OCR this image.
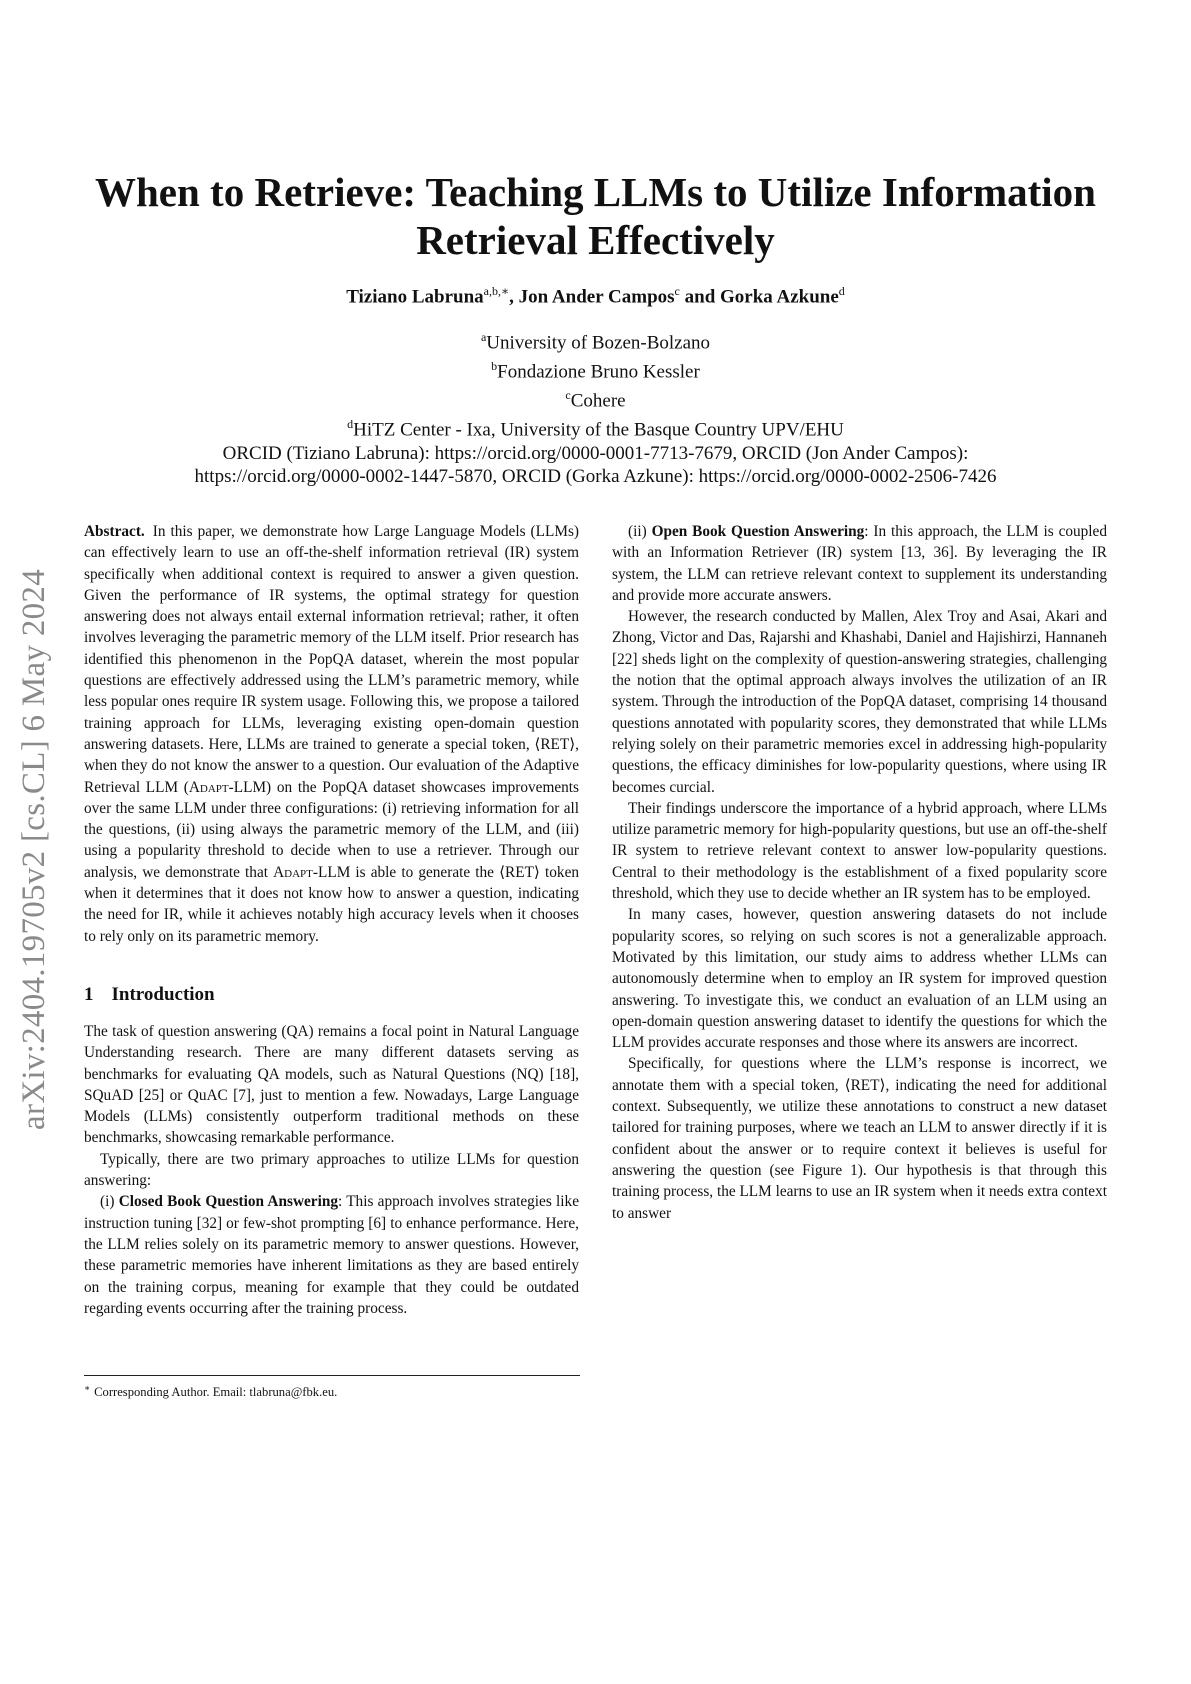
arXiv:2404.19705v2 [cs.CL] 6 May 2024
When to Retrieve: Teaching LLMs to Utilize Information
Retrieval Effectively
Tiziano Labruna$^{a,b,∗}$, Jon Ander Campos$^c$ and Gorka Azkune$^d$
$^a$University of Bozen-Bolzano
$^b$Fondazione Bruno Kessler
$^c$Cohere
$^d$HiTZ Center - Ixa, University of the Basque Country UPV/EHU
ORCID (Tiziano Labruna): https://orcid.org/0000-0001-7713-7679, ORCID (Jon Ander Campos):
https://orcid.org/0000-0002-1447-5870, ORCID (Gorka Azkune): https://orcid.org/0000-0002-2506-7426

Abstract. In this paper, we demonstrate how Large Language Models (LLMs) can effectively learn to use an off-the-shelf information retrieval (IR) system specifically when additional context is required to answer a given question. Given the performance of IR systems, the optimal strategy for question answering does not always entail external information retrieval; rather, it often involves leveraging the parametric memory of the LLM itself. Prior research has identified this phenomenon in the PopQA dataset, wherein the most popular questions are effectively addressed using the LLM’s parametric memory, while less popular ones require IR system usage. Following this, we propose a tailored training approach for LLMs, leveraging existing open-domain question answering datasets. Here, LLMs are trained to generate a special token, ⟨RET⟩, when they do not know the answer to a question. Our evaluation of the Adaptive Retrieval LLM (Adapt-LLM) on the PopQA dataset showcases improvements over the same LLM under three configurations: (i) retrieving information for all the questions, (ii) using always the parametric memory of the LLM, and (iii) using a popularity threshold to decide when to use a retriever. Through our analysis, we demonstrate that Adapt-LLM is able to generate the ⟨RET⟩ token when it determines that it does not know how to answer a question, indicating the need for IR, while it achieves notably high accuracy levels when it chooses to rely only on its parametric memory.

1 Introduction

The task of question answering (QA) remains a focal point in Natural Language Understanding research. There are many different datasets serving as benchmarks for evaluating QA models, such as Natural Questions (NQ) [18], SQuAD [25] or QuAC [7], just to mention a few. Nowadays, Large Language Models (LLMs) consistently outperform traditional methods on these benchmarks, showcasing remarkable performance.

Typically, there are two primary approaches to utilize LLMs for question answering:

(i) Closed Book Question Answering: This approach involves strategies like instruction tuning [32] or few-shot prompting [6] to enhance performance. Here, the LLM relies solely on its parametric memory to answer questions. However, these parametric memories have inherent limitations as they are based entirely on the training corpus, meaning for example that they could be outdated regarding events occurring after the training process.

∗ Corresponding Author. Email: tlabruna@fbk.eu.

(ii) Open Book Question Answering: In this approach, the LLM is coupled with an Information Retriever (IR) system [13, 36]. By leveraging the IR system, the LLM can retrieve relevant context to supplement its understanding and provide more accurate answers.

However, the research conducted by Mallen, Alex Troy and Asai, Akari and Zhong, Victor and Das, Rajarshi and Khashabi, Daniel and Hajishirzi, Hannaneh [22] sheds light on the complexity of question-answering strategies, challenging the notion that the optimal approach always involves the utilization of an IR system. Through the introduction of the PopQA dataset, comprising 14 thousand questions annotated with popularity scores, they demonstrated that while LLMs relying solely on their parametric memories excel in addressing high-popularity questions, the efficacy diminishes for low-popularity questions, where using IR becomes curcial.

Their findings underscore the importance of a hybrid approach, where LLMs utilize parametric memory for high-popularity questions, but use an off-the-shelf IR system to retrieve relevant context to answer low-popularity questions. Central to their methodology is the establishment of a fixed popularity score threshold, which they use to decide whether an IR system has to be employed.

In many cases, however, question answering datasets do not include popularity scores, so relying on such scores is not a generalizable approach. Motivated by this limitation, our study aims to address whether LLMs can autonomously determine when to employ an IR system for improved question answering. To investigate this, we conduct an evaluation of an LLM using an open-domain question answering dataset to identify the questions for which the LLM provides accurate responses and those where its answers are incorrect.

Specifically, for questions where the LLM’s response is incorrect, we annotate them with a special token, ⟨RET⟩, indicating the need for additional context. Subsequently, we utilize these annotations to construct a new dataset tailored for training purposes, where we teach an LLM to answer directly if it is confident about the answer or to require context it believes is useful for answering the question (see Figure 1). Our hypothesis is that through this training process, the LLM learns to use an IR system when it needs extra context to answer
